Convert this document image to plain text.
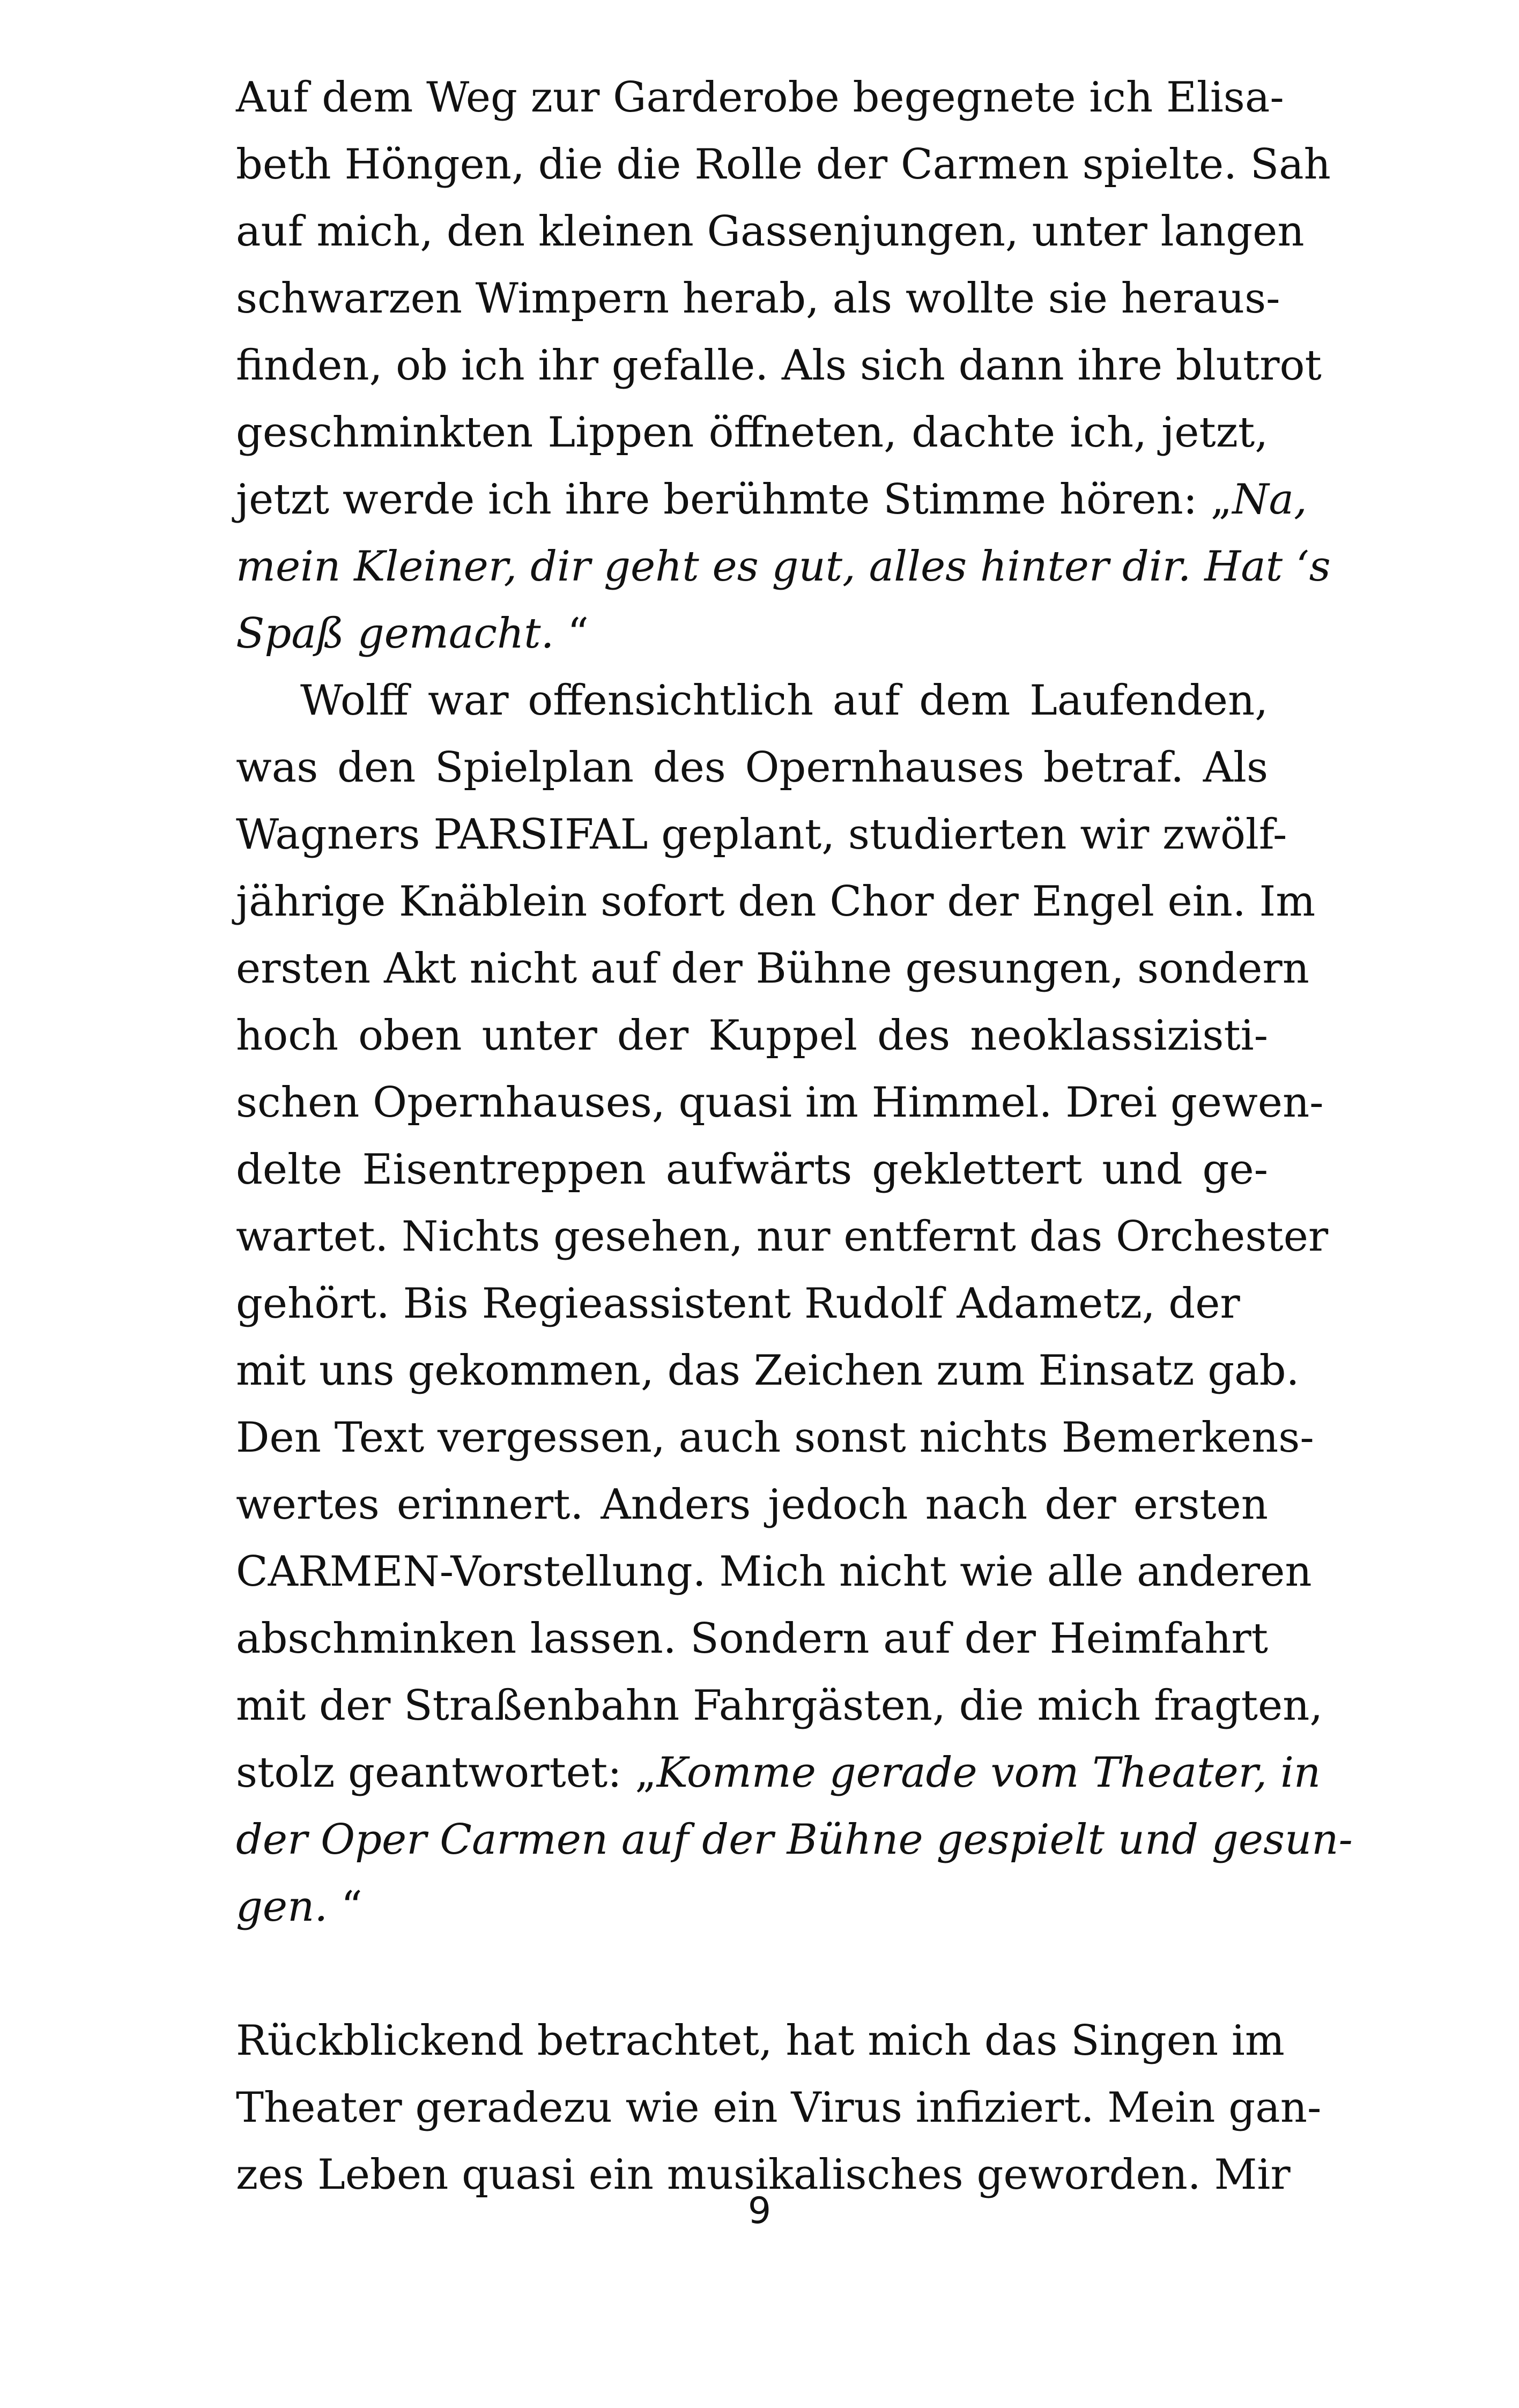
Auf dem Weg zur Garderobe begegnete ich Elisa-
beth Höngen, die die Rolle der Carmen spielte. Sah
auf mich, den kleinen Gassenjungen, unter langen
schwarzen Wimpern herab, als wollte sie heraus-
finden, ob ich ihr gefalle. Als sich dann ihre blutrot
geschminkten Lippen öffneten, dachte ich, jetzt,
jetzt werde ich ihre berühmte Stimme hören: „Na,
mein Kleiner, dir geht es gut, alles hinter dir. Hat ‘s
Spaß gemacht. “
Wolff war offensichtlich auf dem Laufenden,
was den Spielplan des Opernhauses betraf. Als
Wagners PARSIFAL geplant, studierten wir zwölf-
jährige Knäblein sofort den Chor der Engel ein. Im
ersten Akt nicht auf der Bühne gesungen, sondern
hoch oben unter der Kuppel des neoklassizisti-
schen Opernhauses, quasi im Himmel. Drei gewen-
delte Eisentreppen aufwärts geklettert und ge-
wartet. Nichts gesehen, nur entfernt das Orchester
gehört. Bis Regieassistent Rudolf Adametz, der
mit uns gekommen, das Zeichen zum Einsatz gab.
Den Text vergessen, auch sonst nichts Bemerkens-
wertes erinnert. Anders jedoch nach der ersten
CARMEN-Vorstellung. Mich nicht wie alle anderen
abschminken lassen. Sondern auf der Heimfahrt
mit der Straßenbahn Fahrgästen, die mich fragten,
stolz geantwortet: „Komme gerade vom Theater, in
der Oper Carmen auf der Bühne gespielt und gesun-
gen. “
Rückblickend betrachtet, hat mich das Singen im
Theater geradezu wie ein Virus infiziert. Mein gan-
zes Leben quasi ein musikalisches geworden. Mir
9
